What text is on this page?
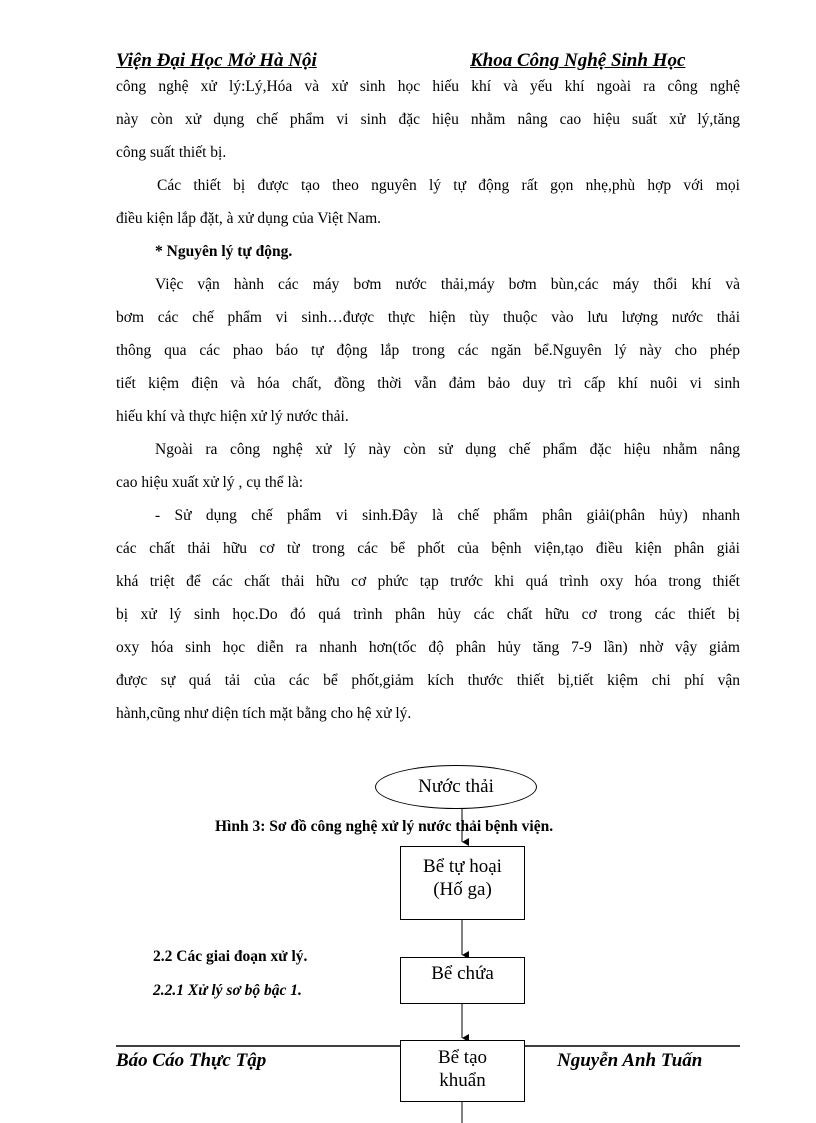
Viện Đại Học Mở Hà Nội	Khoa Công Nghệ Sinh Học
công nghệ xử lý:Lý,Hóa và xử sinh học hiếu khí và yếu khí ngoài ra công nghệ
này còn xử dụng chế phẩm vi sinh đặc hiệu nhằm nâng cao hiệu suất xử lý,tăng
công suất thiết bị.
Các thiết bị được tạo theo nguyên lý tự động rất gọn nhẹ,phù hợp với mọi
điều kiện lắp đặt, à xử dụng của Việt Nam.
* Nguyên lý tự động.
Việc vận hành các máy bơm nước thải,máy bơm bùn,các máy thổi khí và
bơm các chế phẩm vi sinh…được thực hiện tùy thuộc vào lưu lượng nước thải
thông qua các phao báo tự động lắp trong các ngăn bể.Nguyên lý này cho phép
tiết kiệm điện và hóa chất, đồng thời vẫn đảm bảo duy trì cấp khí nuôi vi sinh
hiếu khí và thực hiện xử lý nước thải.
Ngoài ra công nghệ xử lý này còn sử dụng chế phẩm đặc hiệu nhằm nâng
cao hiệu xuất xử lý , cụ thể là:
- Sử dụng chế phẩm vi sinh.Đây là chế phẩm phân giải(phân hủy) nhanh
các chất thải hữu cơ từ trong các bể phốt của bệnh viện,tạo điều kiện phân giải
khá triệt để các chất thải hữu cơ phức tạp trước khi quá trình oxy hóa trong thiết
bị xử lý sinh học.Do đó quá trình phân hủy các chất hữu cơ trong các thiết bị
oxy hóa sinh học diễn ra nhanh hơn(tốc độ phân hủy tăng 7-9 lần) nhờ vậy giảm
được sự quá tải của các bể phốt,giảm kích thước thiết bị,tiết kiệm chi phí vận
hành,cũng như diện tích mặt bằng cho hệ xử lý.
Nước thải
Hình 3: Sơ đồ công nghệ xử lý nước thải bệnh viện.
Bể tự hoại
(Hố ga)
Bể chứa
Bể tạo
khuẩn
2.2 Các giai đoạn xử lý.
2.2.1 Xử lý sơ bộ bậc 1.
Báo Cáo Thực Tập	Nguyễn Anh Tuấn
